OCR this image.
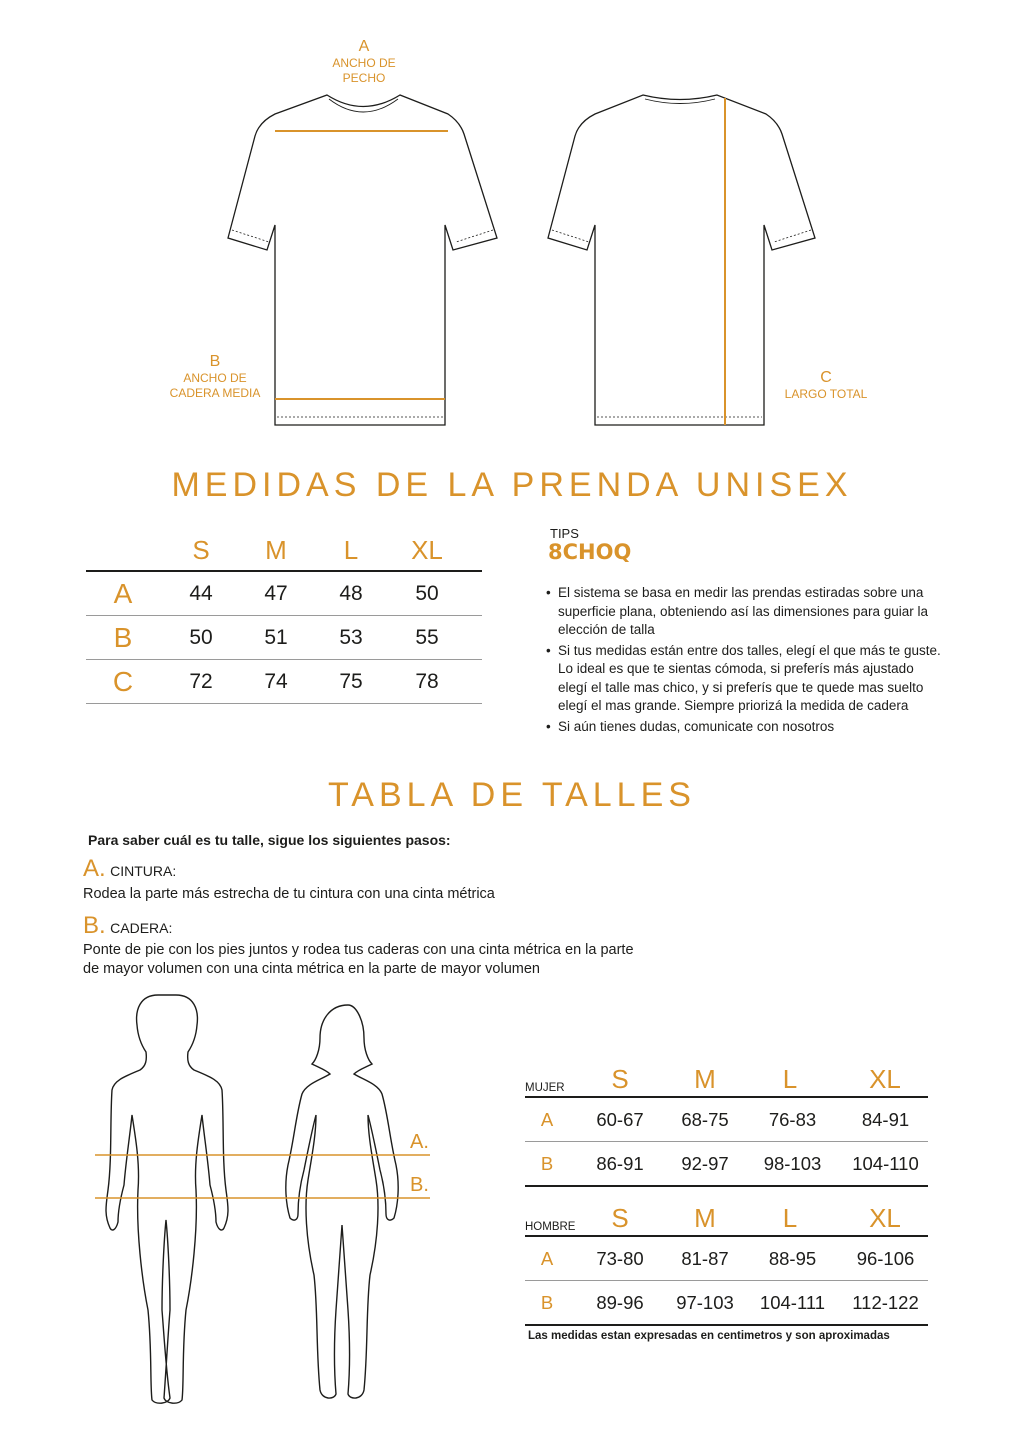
A
ANCHO DE
PECHO
B
ANCHO DE
CADERA MEDIA
C
LARGO TOTAL
MEDIDAS DE LA PRENDA UNISEX
S	M	L	XL
A	44	47	48	50
B	50	51	53	55
C	72	74	75	78
TIPS
8CHOQ
• El sistema se basa en medir las prendas estiradas sobre una superficie plana, obteniendo así las dimensiones para guiar la elección de talla
• Si tus medidas están entre dos talles, elegí el que más te guste. Lo ideal es que te sientas cómoda, si preferís más ajustado elegí el talle mas chico, y si preferís que te quede mas suelto elegí el mas grande. Siempre priorizá la medida de cadera
• Si aún tienes dudas, comunicate con nosotros
TABLA DE TALLES
Para saber cuál es tu talle, sigue los siguientes pasos:
A. CINTURA:
Rodea la parte más estrecha de tu cintura con una cinta métrica
B. CADERA:
Ponte de pie con los pies juntos y rodea tus caderas con una cinta métrica en la parte de mayor volumen con una cinta métrica en la parte de mayor volumen
A.
B.
MUJER	S	M	L	XL
A	60-67	68-75	76-83	84-91
B	86-91	92-97	98-103	104-110
HOMBRE	S	M	L	XL
A	73-80	81-87	88-95	96-106
B	89-96	97-103	104-111	112-122
Las medidas estan expresadas en centimetros y son aproximadas
